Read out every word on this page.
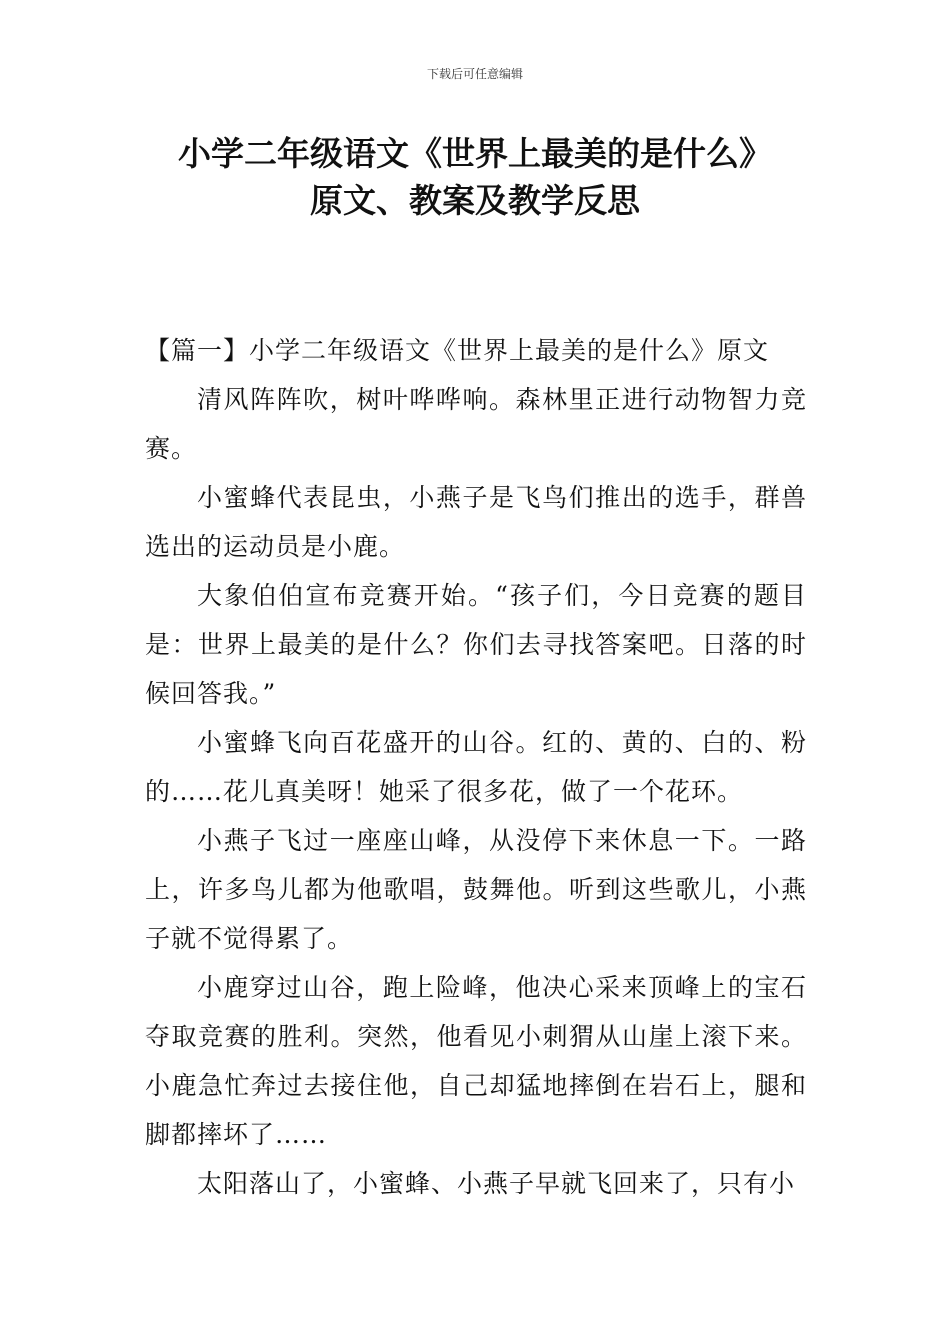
下载后可任意编辑
小学二年级语文《世界上最美的是什么》
原文、教案及教学反思

【篇一】小学二年级语文《世界上最美的是什么》原文

清风阵阵吹，树叶哗哗响。森林里正进行动物智力竞赛。

小蜜蜂代表昆虫，小燕子是飞鸟们推出的选手，群兽选出的运动员是小鹿。

大象伯伯宣布竞赛开始。“孩子们，今日竞赛的题目是：世界上最美的是什么？你们去寻找答案吧。日落的时候回答我。”

小蜜蜂飞向百花盛开的山谷。红的、黄的、白的、粉的……花儿真美呀！她采了很多花，做了一个花环。

小燕子飞过一座座山峰，从没停下来休息一下。一路上，许多鸟儿都为他歌唱，鼓舞他。听到这些歌儿，小燕子就不觉得累了。

小鹿穿过山谷，跑上险峰，他决心采来顶峰上的宝石夺取竞赛的胜利。突然，他看见小刺猬从山崖上滚下来。小鹿急忙奔过去接住他，自己却猛地摔倒在岩石上，腿和脚都摔坏了……

太阳落山了，小蜜蜂、小燕子早就飞回来了，只有小
